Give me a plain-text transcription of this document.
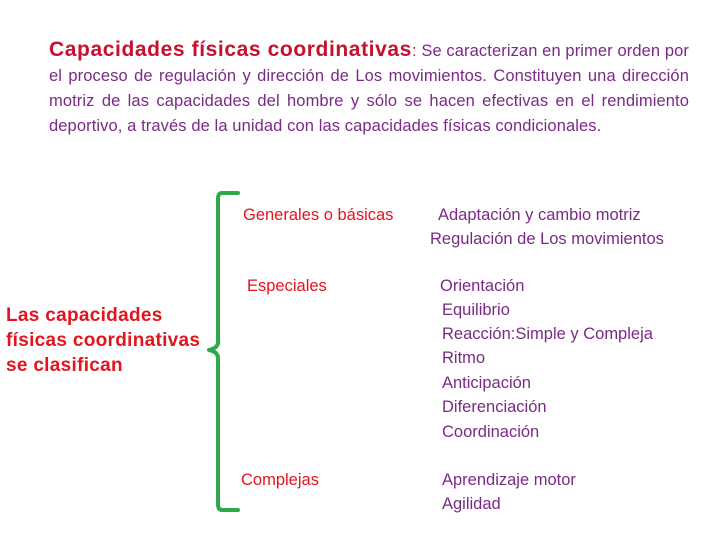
Capacidades físicas coordinativas: Se caracterizan en primer orden por el proceso de regulación y dirección de Los movimientos. Constituyen una dirección motriz de las capacidades del hombre y sólo se hacen efectivas en el rendimiento deportivo, a través de la unidad con las capacidades físicas condicionales.
Las capacidades físicas coordinativas se clasifican
Generales o básicas	Adaptación y cambio motriz
Regulación de Los movimientos
Especiales	Orientación
Equilibrio
Reacción:Simple y Compleja
Ritmo
Anticipación
Diferenciación
Coordinación
Complejas	Aprendizaje motor
Agilidad
